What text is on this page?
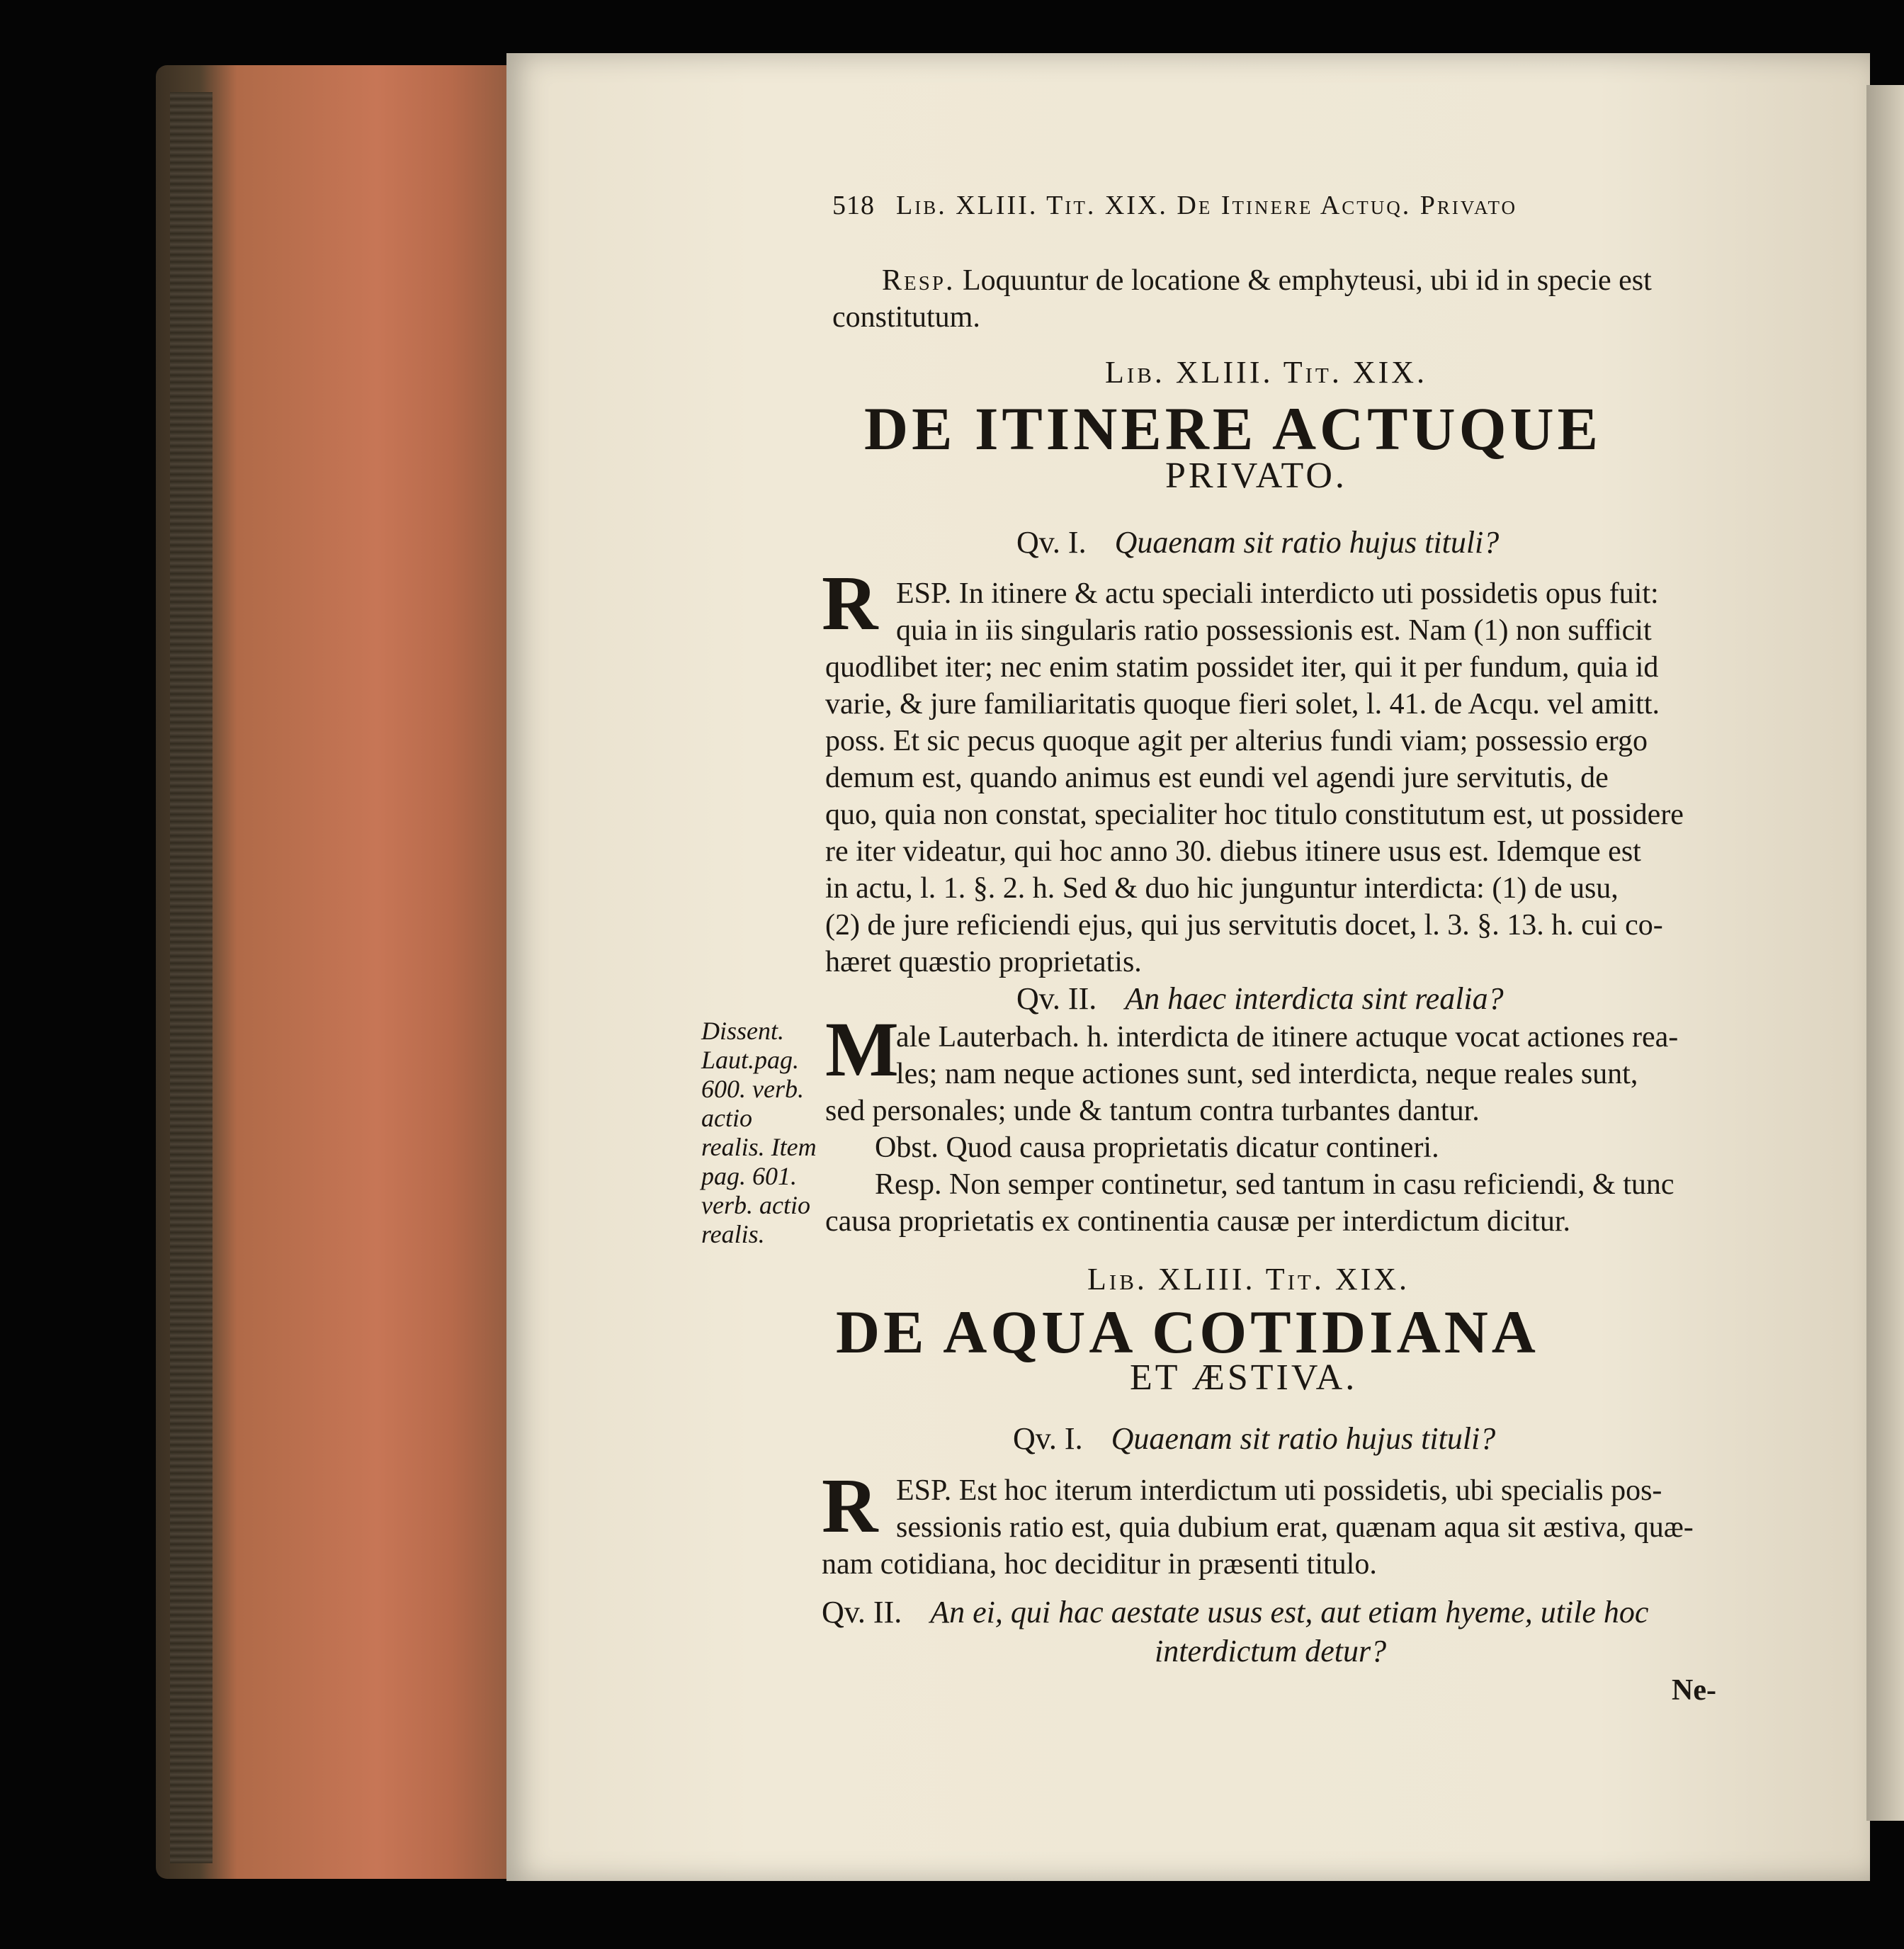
518 Lib. XLIII. Tit. XIX. De Itinere Actuq. Privato
Resp. Loquuntur de locatione & emphyteusi, ubi id in specie est
constitutum.
Lib. XLIII. Tit. XIX.
DE ITINERE ACTUQUE
PRIVATO.
Qv. I. Quaenam sit ratio hujus tituli?
R ESP. In itinere & actu speciali interdicto uti possidetis opus fuit:
quia in iis singularis ratio possessionis est. Nam (1) non sufficit
quodlibet iter; nec enim statim possidet iter, qui it per fundum, quia id
varie, & jure familiaritatis quoque fieri solet, l. 41. de Acqu. vel amitt.
poss. Et sic pecus quoque agit per alterius fundi viam; possessio ergo
demum est, quando animus est eundi vel agendi jure servitutis, de
quo, quia non constat, specialiter hoc titulo constitutum est, ut possidere
re iter videatur, qui hoc anno 30. diebus itinere usus est. Idemque est
in actu, l. 1. §. 2. h. Sed & duo hic junguntur interdicta: (1) de usu,
(2) de jure reficiendi ejus, qui jus servitutis docet, l. 3. §. 13. h. cui co-
hæret quæstio proprietatis.
Qv. II. An haec interdicta sint realia?
Dissent. Laut.pag. 600. verb. actio realis. Item pag. 601. verb. actio realis.
M
ale Lauterbach. h. interdicta de itinere actuque vocat actiones rea-
les; nam neque actiones sunt, sed interdicta, neque reales sunt,
sed personales; unde & tantum contra turbantes dantur.
Obst. Quod causa proprietatis dicatur contineri.
Resp. Non semper continetur, sed tantum in casu reficiendi, & tunc
causa proprietatis ex continentia causæ per interdictum dicitur.
Lib. XLIII. Tit. XIX.
DE AQUA COTIDIANA
ET ÆSTIVA.
Qv. I. Quaenam sit ratio hujus tituli?
R ESP. Est hoc iterum interdictum uti possidetis, ubi specialis pos-
sessionis ratio est, quia dubium erat, quænam aqua sit æstiva, quæ-
nam cotidiana, hoc deciditur in præsenti titulo.
Qv. II. An ei, qui hac aestate usus est, aut etiam hyeme, utile hoc
interdictum detur?
Ne-
